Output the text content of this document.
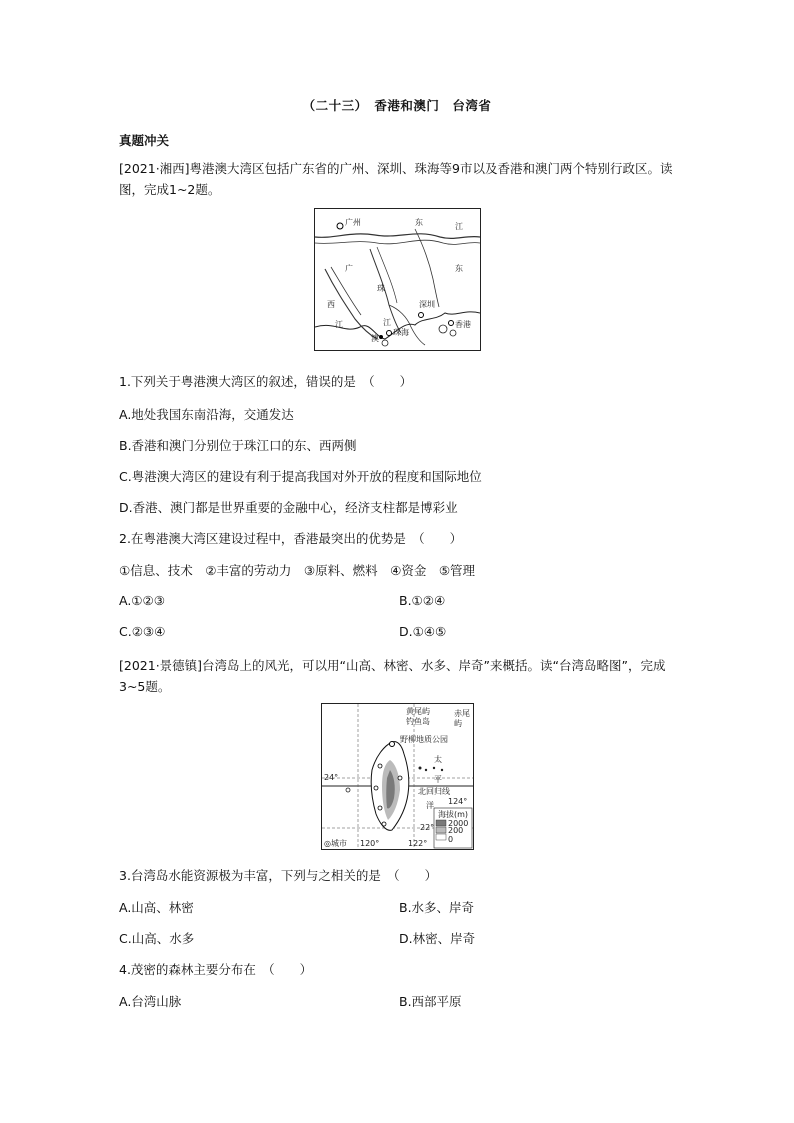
（二十三）　香港和澳门　台湾省
真题冲关
[2021·湘西]粤港澳大湾区包括广东省的广州、深圳、珠海等9市以及香港和澳门两个特别行政区。读图，完成1~2题。
广州	东	江
广	东
珠
江
深圳
西
江
澳
珠海
香港
1.下列关于粤港澳大湾区的叙述，错误的是　（　　）
A.地处我国东南沿海，交通发达
B.香港和澳门分别位于珠江口的东、西两侧
C.粤港澳大湾区的建设有利于提高我国对外开放的程度和国际地位
D.香港、澳门都是世界重要的金融中心，经济支柱都是博彩业
2.在粤港澳大湾区建设过程中，香港最突出的优势是　（　　）
①信息、技术　②丰富的劳动力　③原料、燃料　④资金　⑤管理
A.①②③	B.①②④
C.②③④	D.①④⑤
[2021·景德镇]台湾岛上的风光，可以用“山高、林密、水多、岸奇”来概括。读“台湾岛略图”，完成3~5题。
黄尾屿
钓鱼岛
赤尾
屿
野柳地质公园
太
平
洋
北回归线
24°
22°
120°	122°
124°
◎城市
海拔(m)
2000
200
0
3.台湾岛水能资源极为丰富，下列与之相关的是　（　　）
A.山高、林密	B.水多、岸奇
C.山高、水多	D.林密、岸奇
4.茂密的森林主要分布在　（　　）
A.台湾山脉	B.西部平原
